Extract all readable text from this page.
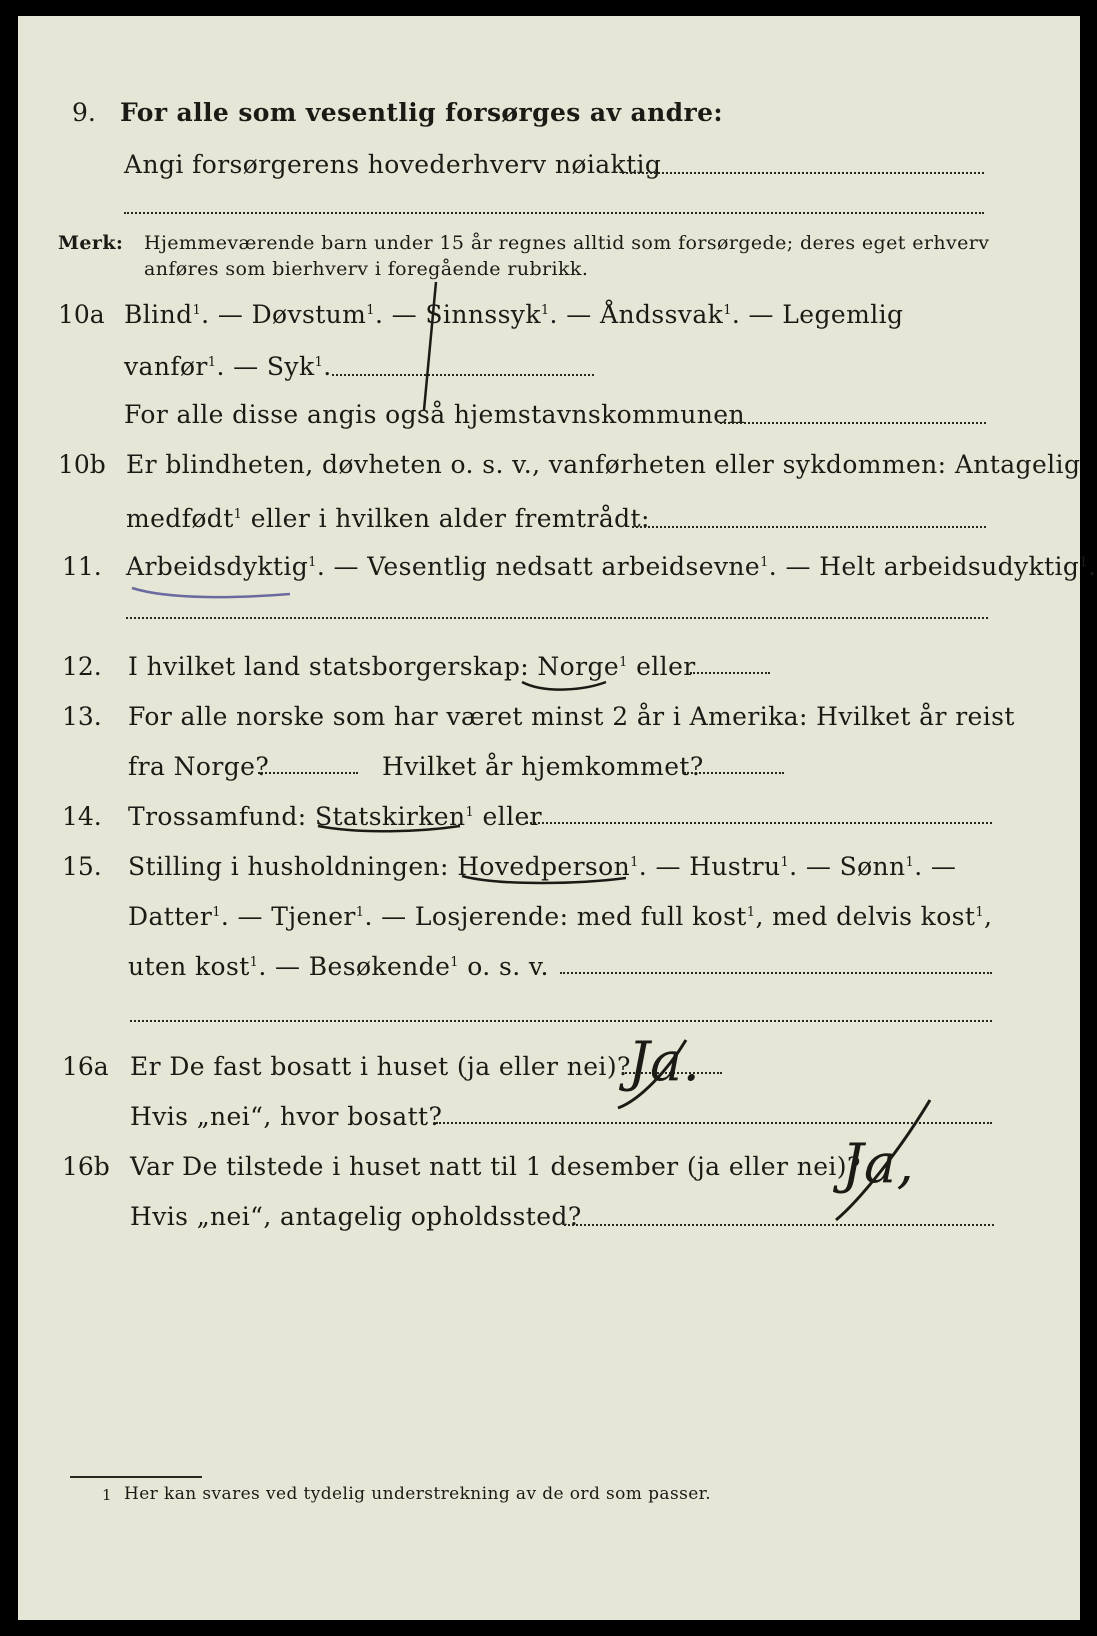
9. For alle som vesentlig forsørges av andre:
Angi forsørgerens hovederhverv nøiaktig
Merk: Hjemmeværende barn under 15 år regnes alltid som forsørgede; deres eget erhverv
anføres som bierhverv i foregående rubrikk.
10a Blind$^1$. — Døvstum$^1$. — Sinnssyk$^1$. — Åndssvak$^1$. — Legemlig
vanfør$^1$. — Syk$^1$.
For alle disse angis også hjemstavnskommunen
10b Er blindheten, døvheten o. s. v., vanførheten eller sykdommen: Antagelig
medfødt$^1$ eller i hvilken alder fremtrådt:
11. Arbeidsdyktig$^1$. — Vesentlig nedsatt arbeidsevne$^1$. — Helt arbeidsudyktig$^1$.
12. I hvilket land statsborgerskap: Norge$^1$ eller
13. For alle norske som har været minst 2 år i Amerika: Hvilket år reist
fra Norge?	Hvilket år hjemkommet?
14. Trossamfund: Statskirken$^1$ eller
15. Stilling i husholdningen: Hovedperson$^1$. — Hustru$^1$. — Sønn$^1$. —
Datter$^1$. — Tjener$^1$. — Losjerende: med full kost$^1$, med delvis kost$^1$,
uten kost$^1$. — Besøkende$^1$ o. s. v.
16a Er De fast bosatt i huset (ja eller nei)?
Hvis „nei“, hvor bosatt?
16b Var De tilstede i huset natt til 1 desember (ja eller nei)?
Hvis „nei“, antagelig opholdssted?
Ja.
Ja,
1 Her kan svares ved tydelig understrekning av de ord som passer.
